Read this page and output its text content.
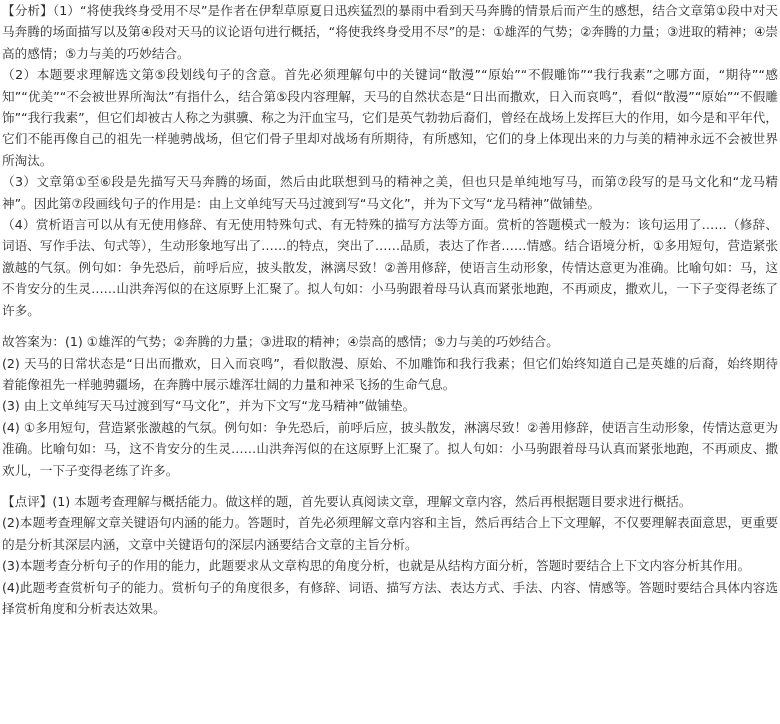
【分析】（1）“将使我终身受用不尽”是作者在伊犁草原夏日迅疾猛烈的暴雨中看到天马奔腾的情景后而产生的感想，结合文章第①段中对天马奔腾的场面描写以及第④段对天马的议论语句进行概括，“将使我终身受用不尽”的是：①雄浑的气势；②奔腾的力量；③进取的精神；④崇高的感情；⑤力与美的巧妙结合。

（2）本题要求理解选文第⑤段划线句子的含意。首先必须理解句中的关键词“散漫”“原始”“不假雕饰”“我行我素”之哪方面，“期待”“感知”“优美”“不会被世界所淘汰”有指什么，结合第⑤段内容理解，天马的自然状态是“日出而撒欢，日入而哀鸣”，看似“散漫”“原始”“不假雕饰”“我行我素”，但它们却被古人称之为骐骥、称之为汗血宝马，它们是英气勃勃后裔们，曾经在战场上发挥巨大的作用，如今是和平年代，它们不能再像自己的祖先一样驰骋战场，但它们骨子里却对战场有所期待，有所感知，它们的身上体现出来的力与美的精神永远不会被世界所淘汰。

（3）文章第①至⑥段是先描写天马奔腾的场面，然后由此联想到马的精神之美，但也只是单纯地写马，而第⑦段写的是马文化和“龙马精神”。因此第⑦段画线句子的作用是：由上文单纯写天马过渡到写“马文化”，并为下文写“龙马精神”做铺垫。

（4）赏析语言可以从有无使用修辞、有无使用特殊句式、有无特殊的描写方法等方面。赏析的答题模式一般为：该句运用了……（修辞、词语、写作手法、句式等），生动形象地写出了……的特点，突出了……品质，表达了作者……情感。结合语境分析，①多用短句，营造紧张激越的气氛。例句如：争先恐后，前呼后应，披头散发，淋漓尽致！②善用修辞，使语言生动形象，传情达意更为准确。比喻句如：马，这不肯安分的生灵……山洪奔泻似的在这原野上汇聚了。拟人句如：小马驹跟着母马认真而紧张地跑，不再顽皮，撒欢儿，一下子变得老练了许多。

故答案为：(1) ①雄浑的气势；②奔腾的力量；③进取的精神；④崇高的感情；⑤力与美的巧妙结合。

(2) 天马的日常状态是“日出而撒欢，日入而哀鸣”，看似散漫、原始、不加雕饰和我行我素；但它们始终知道自己是英雄的后裔，始终期待着能像祖先一样驰骋疆场，在奔腾中展示雄浑壮阔的力量和神采飞扬的生命气息。

(3) 由上文单纯写天马过渡到写“马文化”，并为下文写“龙马精神”做铺垫。

(4) ①多用短句，营造紧张激越的气氛。例句如：争先恐后，前呼后应，披头散发，淋漓尽致！②善用修辞，使语言生动形象，传情达意更为准确。比喻句如：马，这不肯安分的生灵……山洪奔泻似的在这原野上汇聚了。拟人句如：小马驹跟着母马认真而紧张地跑，不再顽皮、撒欢儿，一下子变得老练了许多。

【点评】(1) 本题考查理解与概括能力。做这样的题，首先要认真阅读文章，理解文章内容，然后再根据题目要求进行概括。

(2)本题考查理解文章关键语句内涵的能力。答题时，首先必须理解文章内容和主旨，然后再结合上下文理解，不仅要理解表面意思，更重要的是分析其深层内涵，文章中关键语句的深层内涵要结合文章的主旨分析。

(3)本题考查分析句子的作用的能力，此题要求从文章构思的角度分析，也就是从结构方面分析，答题时要结合上下文内容分析其作用。

(4)此题考查赏析句子的能力。赏析句子的角度很多，有修辞、词语、描写方法、表达方式、手法、内容、情感等。答题时要结合具体内容选择赏析角度和分析表达效果。
